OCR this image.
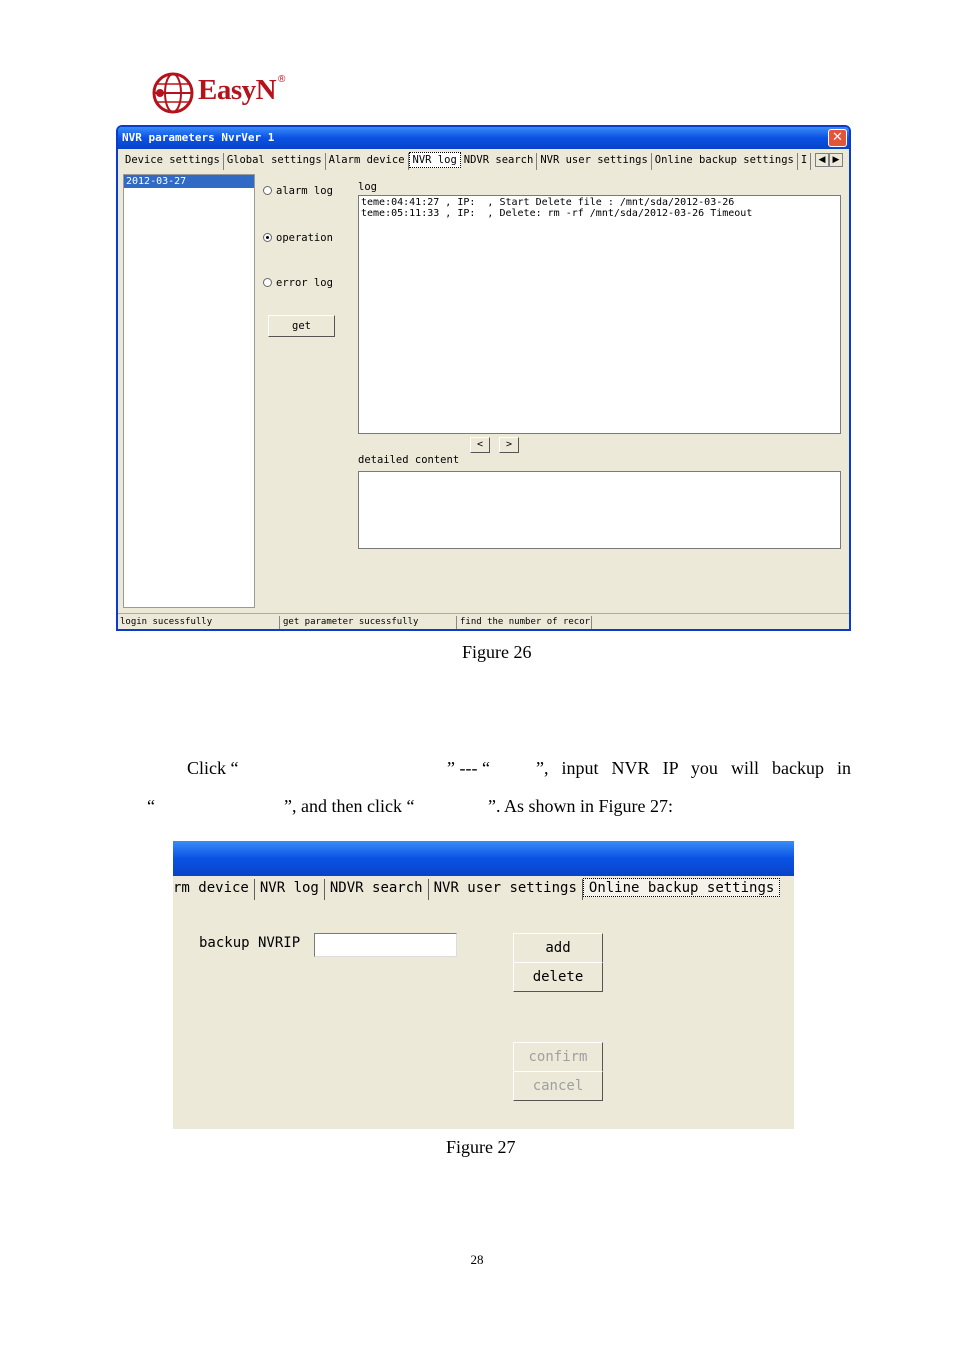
EasyN ®
NVR parameters NvrVer 1	✕
Device settings Global settings Alarm device NVR log NDVR search NVR user settings Online backup settings I	◀ ▶
2012-03-27
alarm log
operation
error log
get
log
teme:04:41:27 , IP:  , Start Delete file : /mnt/sda/2012-03-26
teme:05:11:33 , IP:  , Delete: rm -rf /mnt/sda/2012-03-26 Timeout
<	>
detailed content
login sucessfully	get parameter sucessfully	find the number of recor
Figure 26
Click “	” --- “	”, input NVR IP you will backup in
“	”, and then click “	”. As shown in Figure 27:
rm device NVR log NDVR search NVR user settings Online backup settings
backup NVRIP	add
delete
confirm
cancel
Figure 27
28
